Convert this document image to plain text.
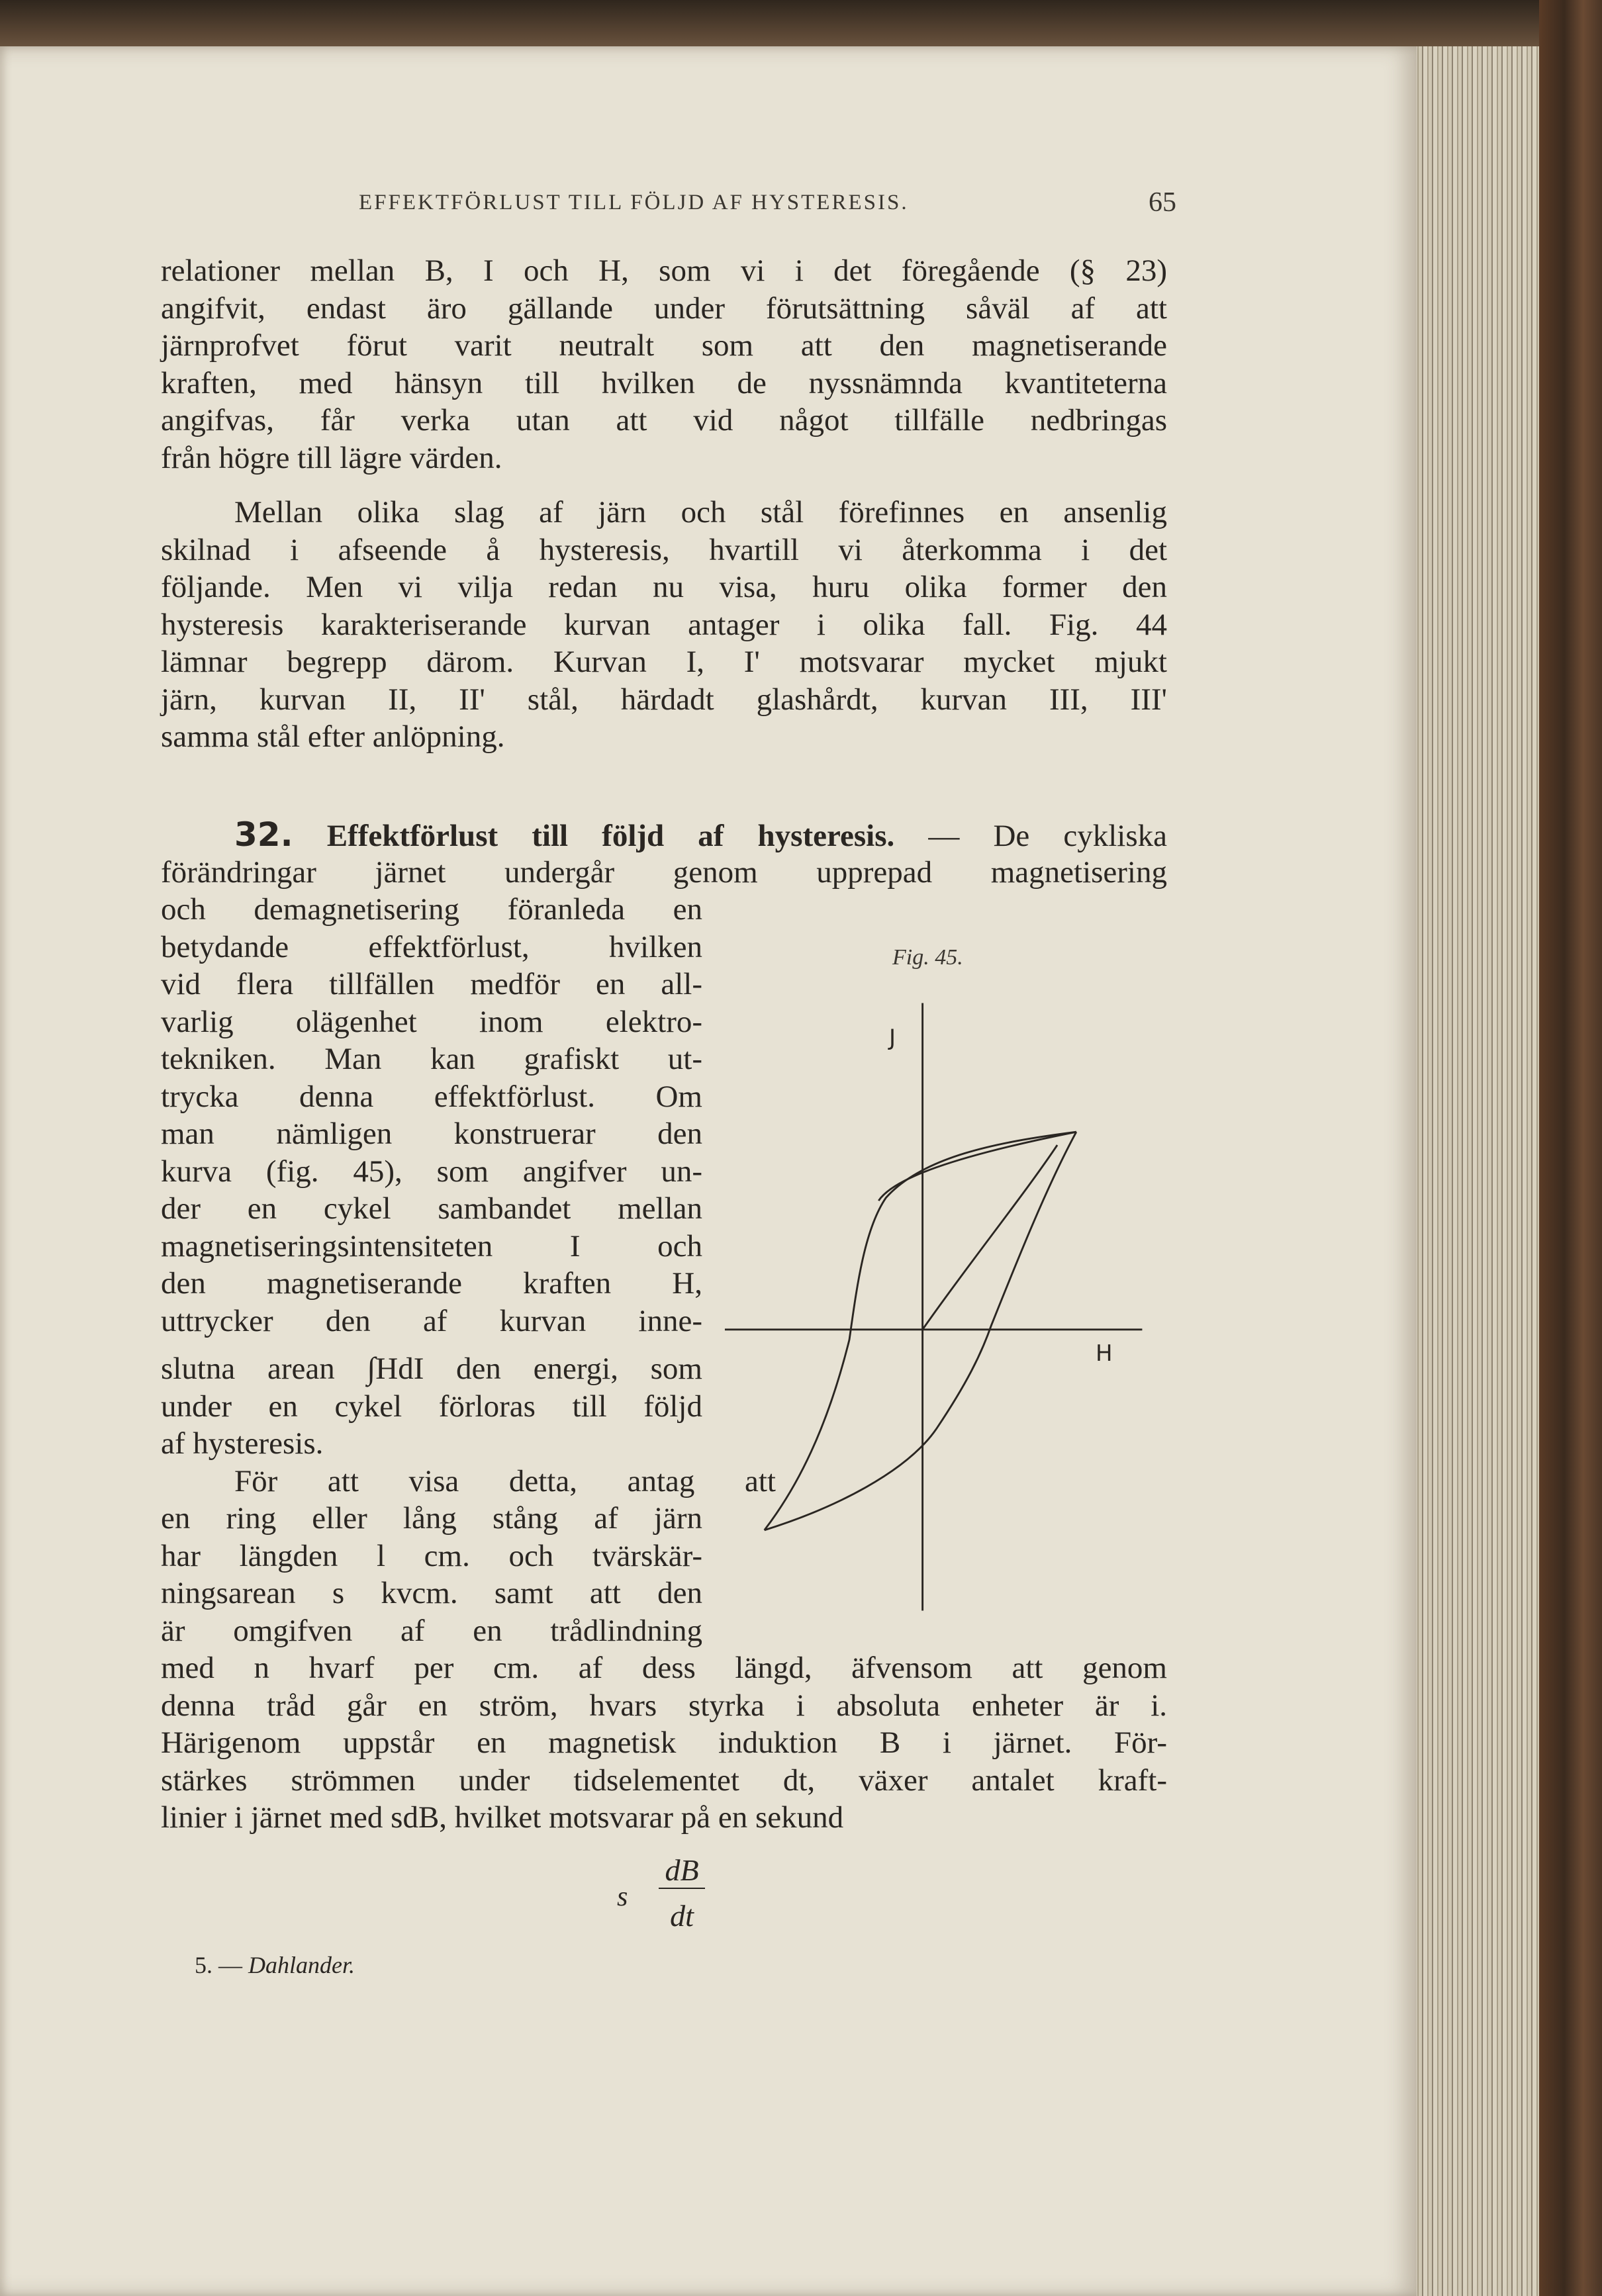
EFFEKTFÖRLUST TILL FÖLJD AF HYSTERESIS.	65
relationer mellan B, I och H, som vi i det föregående (§ 23)
angifvit, endast äro gällande under förutsättning såväl af att
järnprofvet förut varit neutralt som att den magnetiserande
kraften, med hänsyn till hvilken de nyssnämnda kvantiteterna
angifvas, får verka utan att vid något tillfälle nedbringas
från högre till lägre värden.
Mellan olika slag af järn och stål förefinnes en ansenlig
skilnad i afseende å hysteresis, hvartill vi återkomma i det
följande. Men vi vilja redan nu visa, huru olika former den
hysteresis karakteriserande kurvan antager i olika fall. Fig. 44
lämnar begrepp därom. Kurvan I, I' motsvarar mycket mjukt
järn, kurvan II, II' stål, härdadt glashårdt, kurvan III, III'
samma stål efter anlöpning.
32. Effektförlust till följd af hysteresis. — De cykliska
förändringar järnet undergår genom upprepad magnetisering
och demagnetisering föranleda en
betydande effektförlust, hvilken
vid flera tillfällen medför en all-
varlig olägenhet inom elektro-
tekniken. Man kan grafiskt ut-
trycka denna effektförlust. Om
man nämligen konstruerar den
kurva (fig. 45), som angifver un-
der en cykel sambandet mellan
magnetiseringsintensiteten I och
den magnetiserande kraften H,
uttrycker den af kurvan inne-
slutna arean ∫HdI den energi, som
under en cykel förloras till följd
af hysteresis.
För att visa detta, antag att
en ring eller lång stång af järn
har längden l cm. och tvärskär-
ningsarean s kvcm. samt att den
är omgifven af en trådlindning
med n hvarf per cm. af dess längd, äfvensom att genom
denna tråd går en ström, hvars styrka i absoluta enheter är i.
Härigenom uppstår en magnetisk induktion B i järnet. För-
stärkes strömmen under tidselementet dt, växer antalet kraft-
linier i järnet med sdB, hvilket motsvarar på en sekund
Fig. 45.
J
H
s
dB
dt
5. — Dahlander.
